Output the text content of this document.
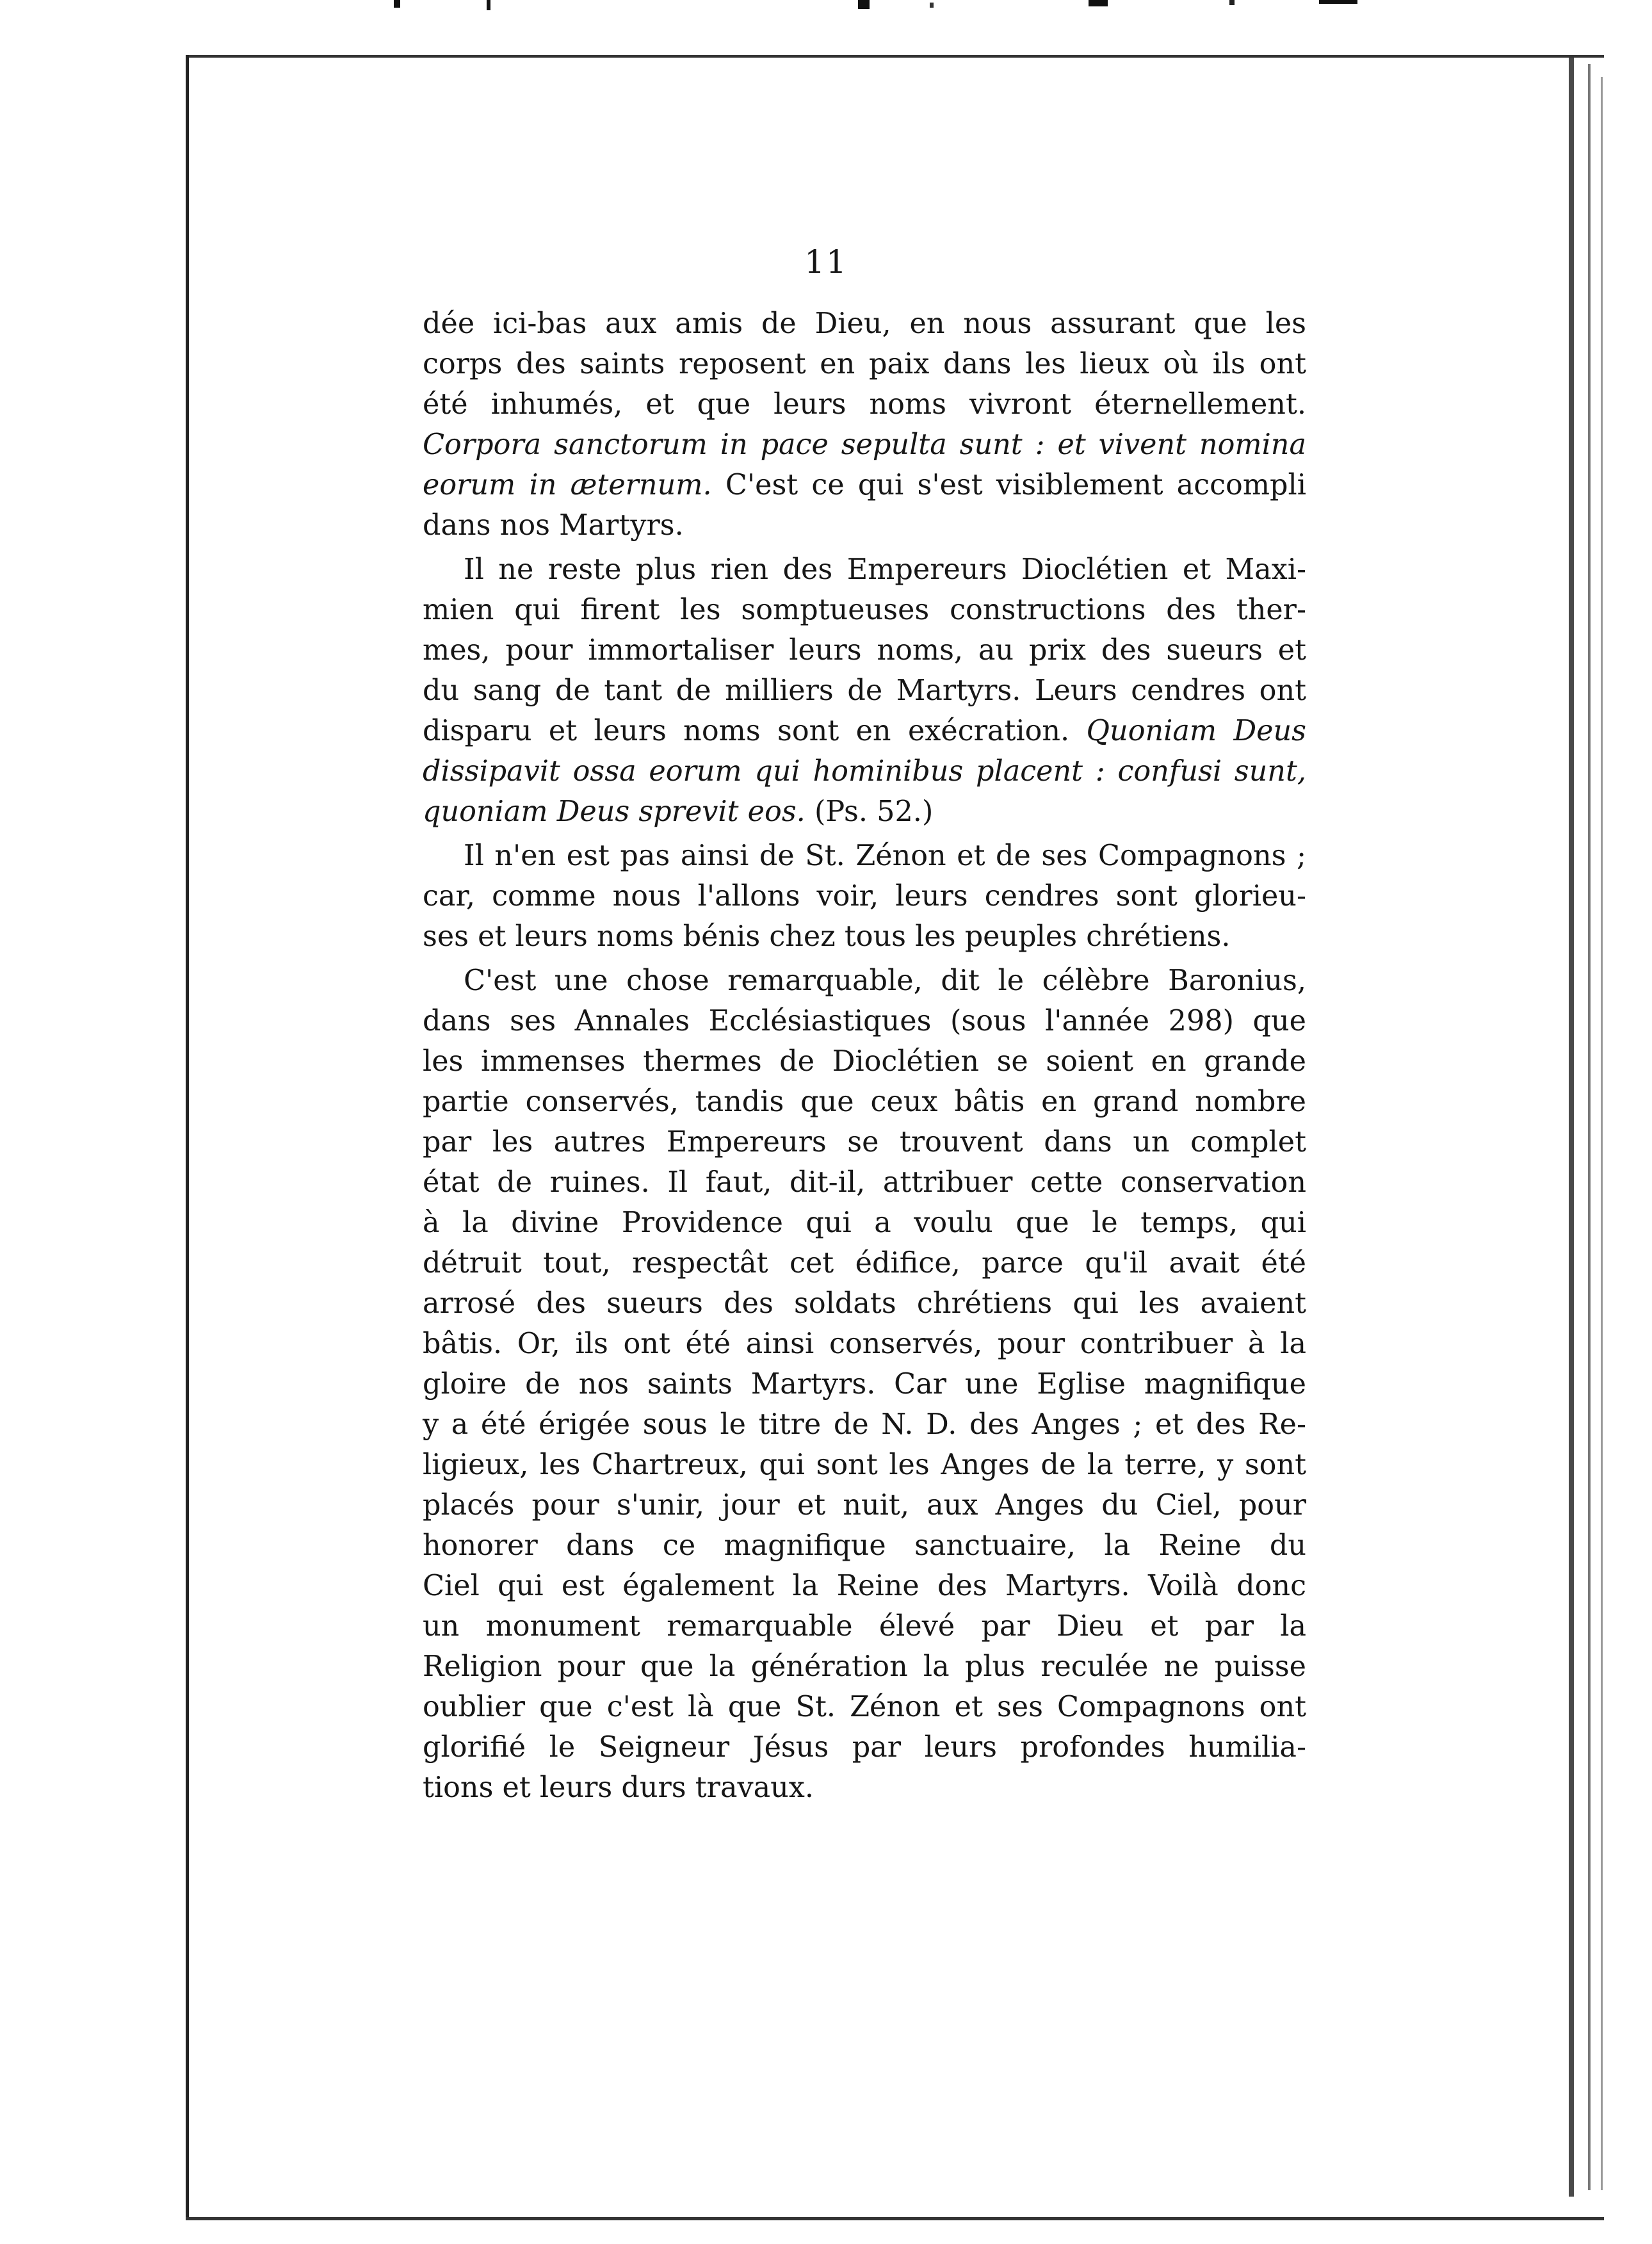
11
dée ici-bas aux amis de Dieu, en nous assurant que les
corps des saints reposent en paix dans les lieux où ils ont
été inhumés, et que leurs noms vivront éternellement.
Corpora sanctorum in pace sepulta sunt : et vivent nomina
eorum in æternum. C'est ce qui s'est visiblement accompli
dans nos Martyrs.
Il ne reste plus rien des Empereurs Dioclétien et Maxi-
mien qui firent les somptueuses constructions des ther-
mes, pour immortaliser leurs noms, au prix des sueurs et
du sang de tant de milliers de Martyrs. Leurs cendres ont
disparu et leurs noms sont en exécration. Quoniam Deus
dissipavit ossa eorum qui hominibus placent : confusi sunt,
quoniam Deus sprevit eos. (Ps. 52.)
Il n'en est pas ainsi de St. Zénon et de ses Compagnons ;
car, comme nous l'allons voir, leurs cendres sont glorieu-
ses et leurs noms bénis chez tous les peuples chrétiens.
C'est une chose remarquable, dit le célèbre Baronius,
dans ses Annales Ecclésiastiques (sous l'année 298) que
les immenses thermes de Dioclétien se soient en grande
partie conservés, tandis que ceux bâtis en grand nombre
par les autres Empereurs se trouvent dans un complet
état de ruines. Il faut, dit-il, attribuer cette conservation
à la divine Providence qui a voulu que le temps, qui
détruit tout, respectât cet édifice, parce qu'il avait été
arrosé des sueurs des soldats chrétiens qui les avaient
bâtis. Or, ils ont été ainsi conservés, pour contribuer à la
gloire de nos saints Martyrs. Car une Eglise magnifique
y a été érigée sous le titre de N. D. des Anges ; et des Re-
ligieux, les Chartreux, qui sont les Anges de la terre, y sont
placés pour s'unir, jour et nuit, aux Anges du Ciel, pour
honorer dans ce magnifique sanctuaire, la Reine du
Ciel qui est également la Reine des Martyrs. Voilà donc
un monument remarquable élevé par Dieu et par la
Religion pour que la génération la plus reculée ne puisse
oublier que c'est là que St. Zénon et ses Compagnons ont
glorifié le Seigneur Jésus par leurs profondes humilia-
tions et leurs durs travaux.
